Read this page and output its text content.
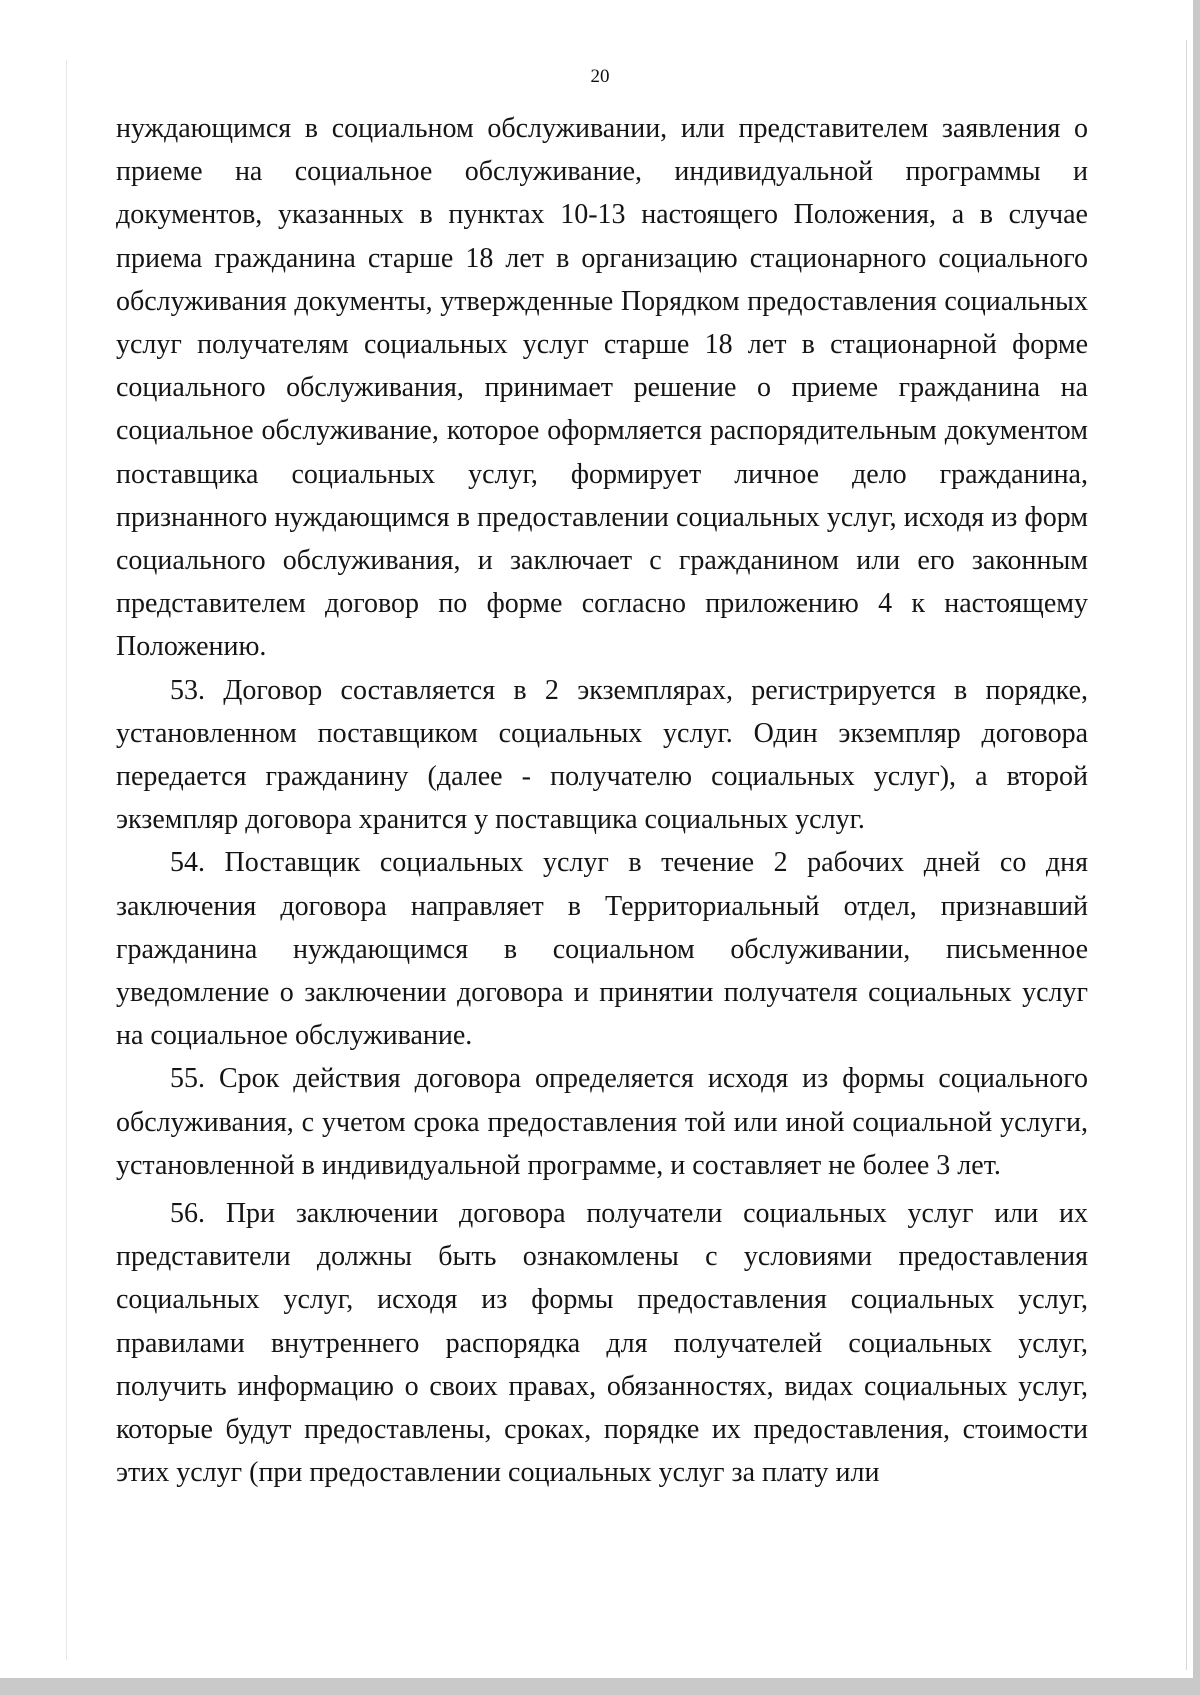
20

нуждающимся в социальном обслуживании, или представителем заявления о приеме на социальное обслуживание, индивидуальной программы и документов, указанных в пунктах 10-13 настоящего Положения, а в случае приема гражданина старше 18 лет в организацию стационарного социального обслуживания документы, утвержденные Порядком предоставления социальных услуг получателям социальных услуг старше 18 лет в стационарной форме социального обслуживания, принимает решение о приеме гражданина на социальное обслуживание, которое оформляется распорядительным документом поставщика социальных услуг, формирует личное дело гражданина, признанного нуждающимся в предоставлении социальных услуг, исходя из форм социального обслуживания, и заключает с гражданином или его законным представителем договор по форме согласно приложению 4 к настоящему Положению.

53. Договор составляется в 2 экземплярах, регистрируется в порядке, установленном поставщиком социальных услуг. Один экземпляр договора передается гражданину (далее - получателю социальных услуг), а второй экземпляр договора хранится у поставщика социальных услуг.

54. Поставщик социальных услуг в течение 2 рабочих дней со дня заключения договора направляет в Территориальный отдел, признавший гражданина нуждающимся в социальном обслуживании, письменное уведомление о заключении договора и принятии получателя социальных услуг на социальное обслуживание.

55. Срок действия договора определяется исходя из формы социального обслуживания, с учетом срока предоставления той или иной социальной услуги, установленной в индивидуальной программе, и составляет не более 3 лет.

56. При заключении договора получатели социальных услуг или их представители должны быть ознакомлены с условиями предоставления социальных услуг, исходя из формы предоставления социальных услуг, правилами внутреннего распорядка для получателей социальных услуг, получить информацию о своих правах, обязанностях, видах социальных услуг, которые будут предоставлены, сроках, порядке их предоставления, стоимости этих услуг (при предоставлении социальных услуг за плату или
